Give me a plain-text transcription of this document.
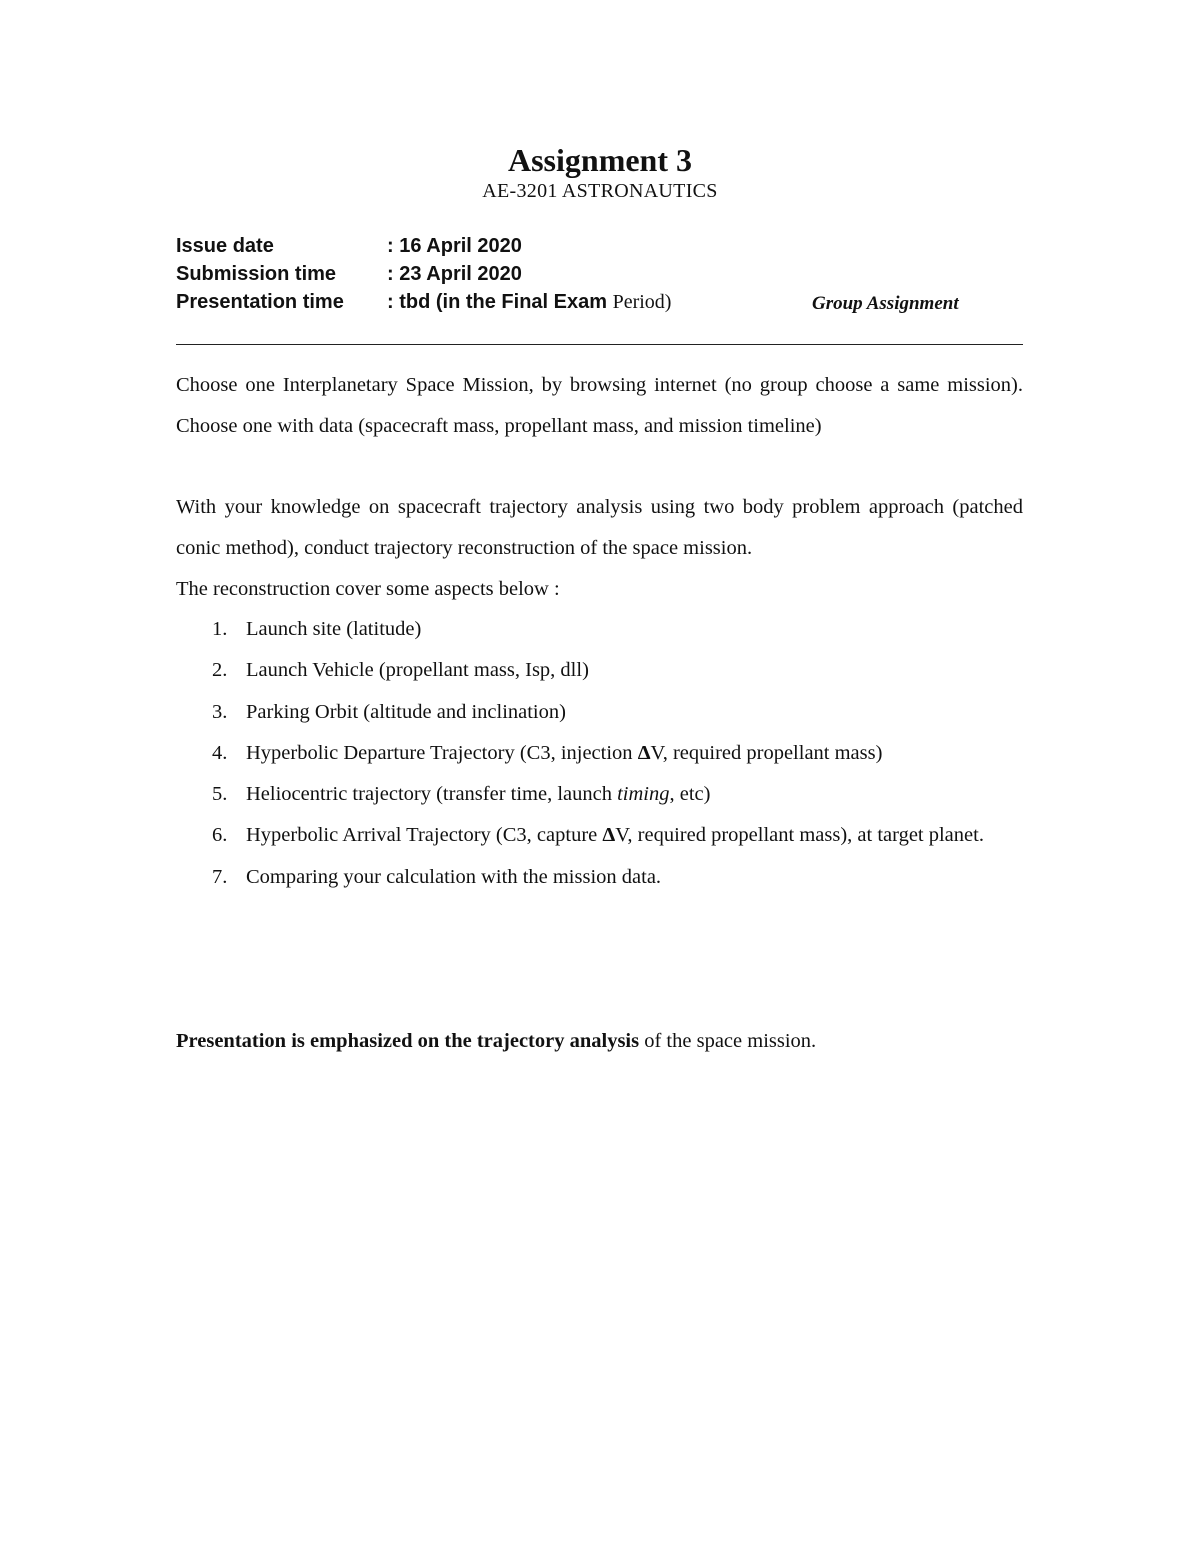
Assignment 3
AE-3201 ASTRONAUTICS
Issue date	: 16 April 2020
Submission time	: 23 April 2020
Presentation time : tbd (in the Final Exam Period)	Group Assignment
Choose one Interplanetary Space Mission, by browsing internet (no group choose a same mission). Choose one with data (spacecraft mass, propellant mass, and mission timeline)
With your knowledge on spacecraft trajectory analysis using two body problem approach (patched conic method), conduct trajectory reconstruction of the space mission.
The reconstruction cover some aspects below :
1. Launch site (latitude)
2. Launch Vehicle (propellant mass, Isp, dll)
3. Parking Orbit (altitude and inclination)
4. Hyperbolic Departure Trajectory (C3, injection ΔV, required propellant mass)
5. Heliocentric trajectory (transfer time, launch timing, etc)
6. Hyperbolic Arrival Trajectory (C3, capture ΔV, required propellant mass), at target planet.
7. Comparing your calculation with the mission data.
Presentation is emphasized on the trajectory analysis of the space mission.
